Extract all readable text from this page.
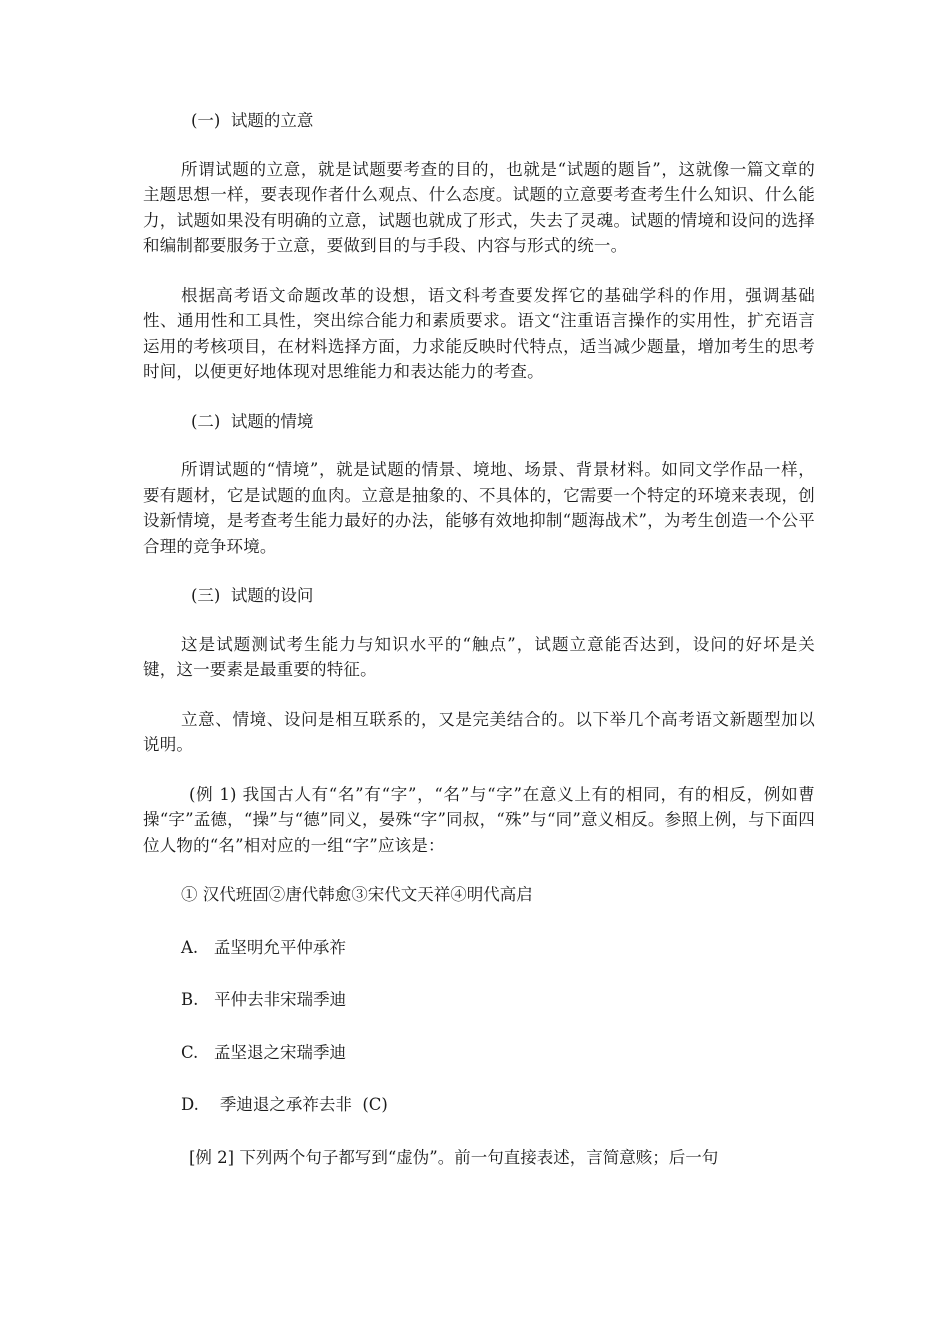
(一)  试题的立意

所谓试题的立意，就是试题要考查的目的，也就是“试题的题旨”，这就像一篇文章的主题思想一样，要表现作者什么观点、什么态度。试题的立意要考查考生什么知识、什么能力，试题如果没有明确的立意，试题也就成了形式，失去了灵魂。试题的情境和设问的选择和编制都要服务于立意，要做到目的与手段、内容与形式的统一。

根据高考语文命题改革的设想，语文科考查要发挥它的基础学科的作用，强调基础性、通用性和工具性，突出综合能力和素质要求。语文“注重语言操作的实用性，扩充语言运用的考核项目，在材料选择方面，力求能反映时代特点，适当减少题量，增加考生的思考时间，以便更好地体现对思维能力和表达能力的考查。

(二)  试题的情境

所谓试题的“情境”，就是试题的情景、境地、场景、背景材料。如同文学作品一样，要有题材，它是试题的血肉。立意是抽象的、不具体的，它需要一个特定的环境来表现，创设新情境，是考查考生能力最好的办法，能够有效地抑制“题海战术”，为考生创造一个公平合理的竞争环境。

(三)  试题的设问

这是试题测试考生能力与知识水平的“触点”，试题立意能否达到，设问的好坏是关键，这一要素是最重要的特征。

立意、情境、设问是相互联系的，又是完美结合的。以下举几个高考语文新题型加以说明。

(例 1) 我国古人有“名”有“字”，“名”与“字”在意义上有的相同，有的相反，例如曹操“字”孟德，“操”与“德”同义，晏殊“字”同叔，“殊”与“同”意义相反。参照上例，与下面四位人物的“名”相对应的一组“字”应该是：

① 汉代班固②唐代韩愈③宋代文天祥④明代高启
A.   孟坚明允平仲承祚
B.   平仲去非宋瑞季迪
C.   孟坚退之宋瑞季迪
D.    季迪退之承祚去非  (C)
[例 2] 下列两个句子都写到“虚伪”。前一句直接表述，言简意赅；后一句
